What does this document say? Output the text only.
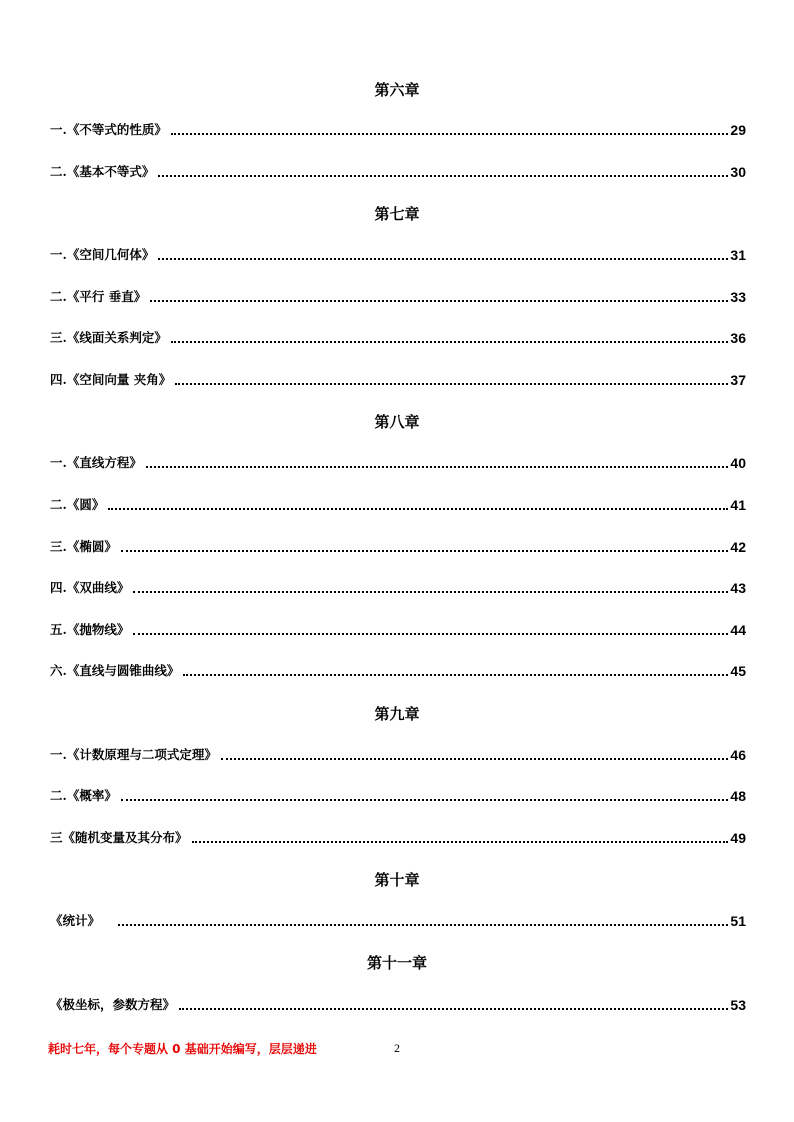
第六章
一.《不等式的性质》	29
二.《基本不等式》	30
第七章
一.《空间几何体》	31
二.《平行 垂直》	33
三.《线面关系判定》	36
四.《空间向量 夹角》	37
第八章
一.《直线方程》	40
二.《圆》	41
三.《椭圆》	42
四.《双曲线》	43
五.《抛物线》	44
六.《直线与圆锥曲线》	45
第九章
一.《计数原理与二项式定理》	46
二.《概率》	48
三《随机变量及其分布》	49
第十章
《统计》	51
第十一章
《极坐标，参数方程》	53
耗时七年，每个专题从 0 基础开始编写，层层递进	2
